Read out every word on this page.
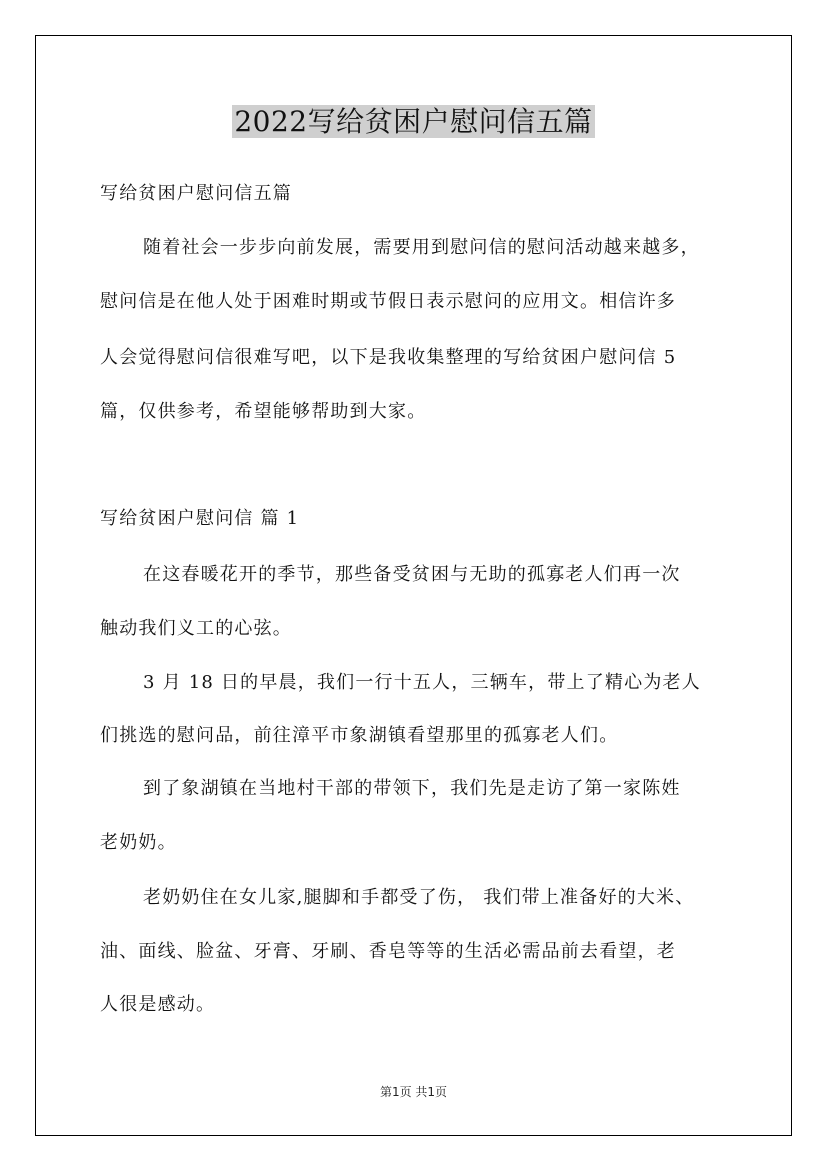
2022写给贫困户慰问信五篇
写给贫困户慰问信五篇
随着社会一步步向前发展，需要用到慰问信的慰问活动越来越多，
慰问信是在他人处于困难时期或节假日表示慰问的应用文。相信许多
人会觉得慰问信很难写吧，以下是我收集整理的写给贫困户慰问信 5
篇，仅供参考，希望能够帮助到大家。
写给贫困户慰问信 篇 1
在这春暖花开的季节，那些备受贫困与无助的孤寡老人们再一次
触动我们义工的心弦。
3 月 18 日的早晨，我们一行十五人，三辆车，带上了精心为老人
们挑选的慰问品，前往漳平市象湖镇看望那里的孤寡老人们。
到了象湖镇在当地村干部的带领下，我们先是走访了第一家陈姓
老奶奶。
老奶奶住在女儿家,腿脚和手都受了伤， 我们带上准备好的大米、
油、面线、脸盆、牙膏、牙刷、香皂等等的生活必需品前去看望，老
人很是感动。
第1页 共1页
